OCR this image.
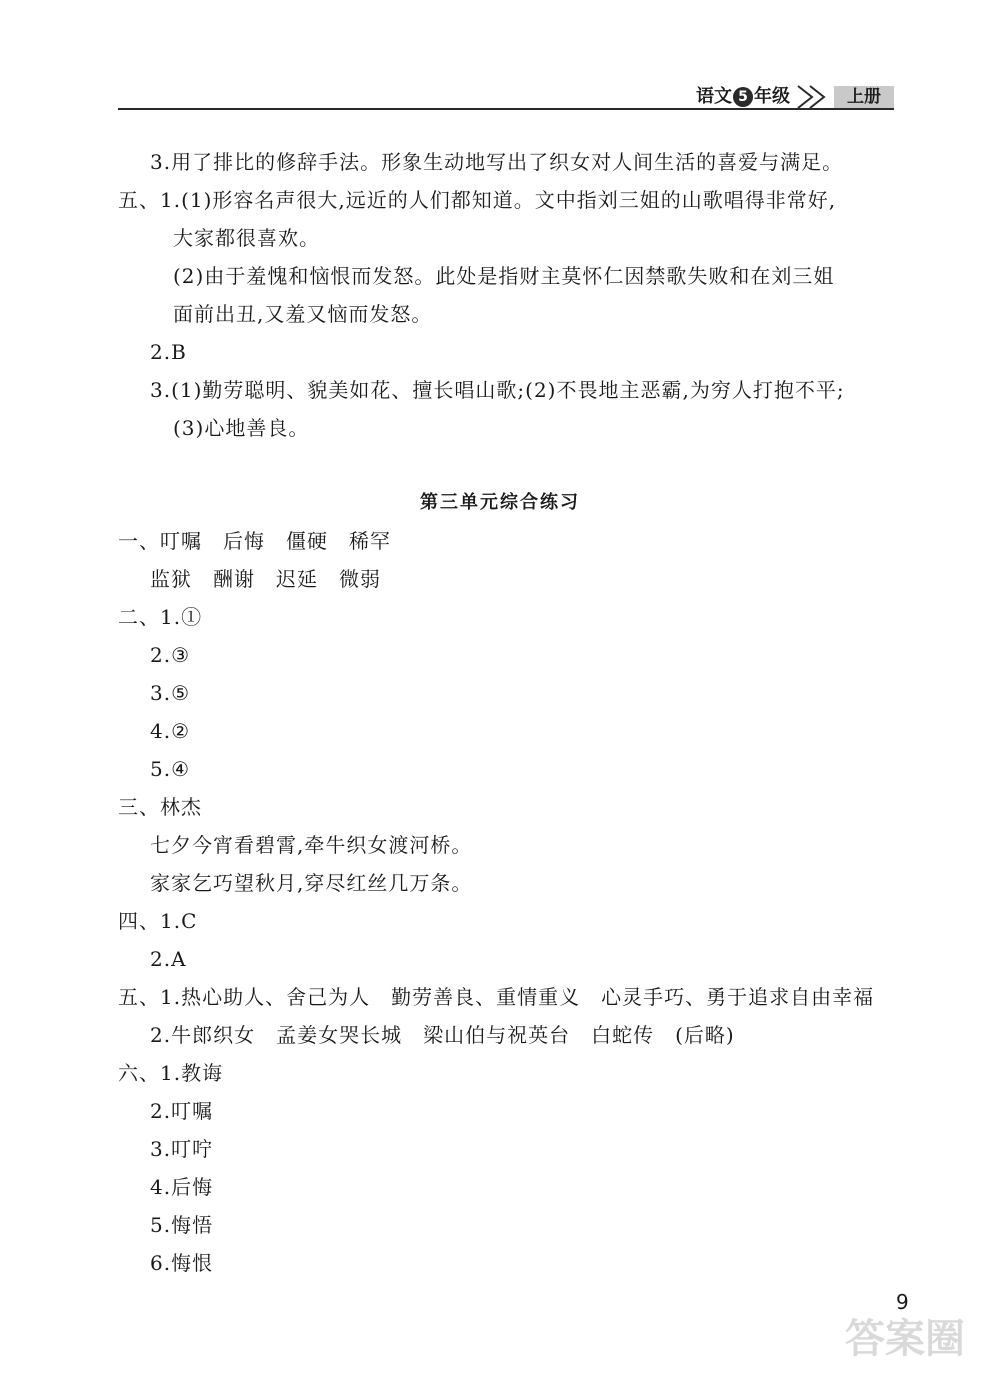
语文 5 年级	上册
3.用了排比的修辞手法。形象生动地写出了织女对人间生活的喜爱与满足。
五、1.(1)形容名声很大,远近的人们都知道。文中指刘三姐的山歌唱得非常好,
大家都很喜欢。
(2)由于羞愧和恼恨而发怒。此处是指财主莫怀仁因禁歌失败和在刘三姐
面前出丑,又羞又恼而发怒。
2.B
3.(1)勤劳聪明、貌美如花、擅长唱山歌;(2)不畏地主恶霸,为穷人打抱不平;
(3)心地善良。
第三单元综合练习
一、叮嘱　后悔　僵硬　稀罕
监狱　酬谢　迟延　微弱
二、1.①
2.③
3.⑤
4.②
5.④
三、林杰
七夕今宵看碧霄,牵牛织女渡河桥。
家家乞巧望秋月,穿尽红丝几万条。
四、1.C
2.A
五、1.热心助人、舍己为人　勤劳善良、重情重义　心灵手巧、勇于追求自由幸福
2.牛郎织女　孟姜女哭长城　梁山伯与祝英台　白蛇传　(后略)
六、1.教诲
2.叮嘱
3.叮咛
4.后悔
5.悔悟
6.悔恨
9
答案圈
